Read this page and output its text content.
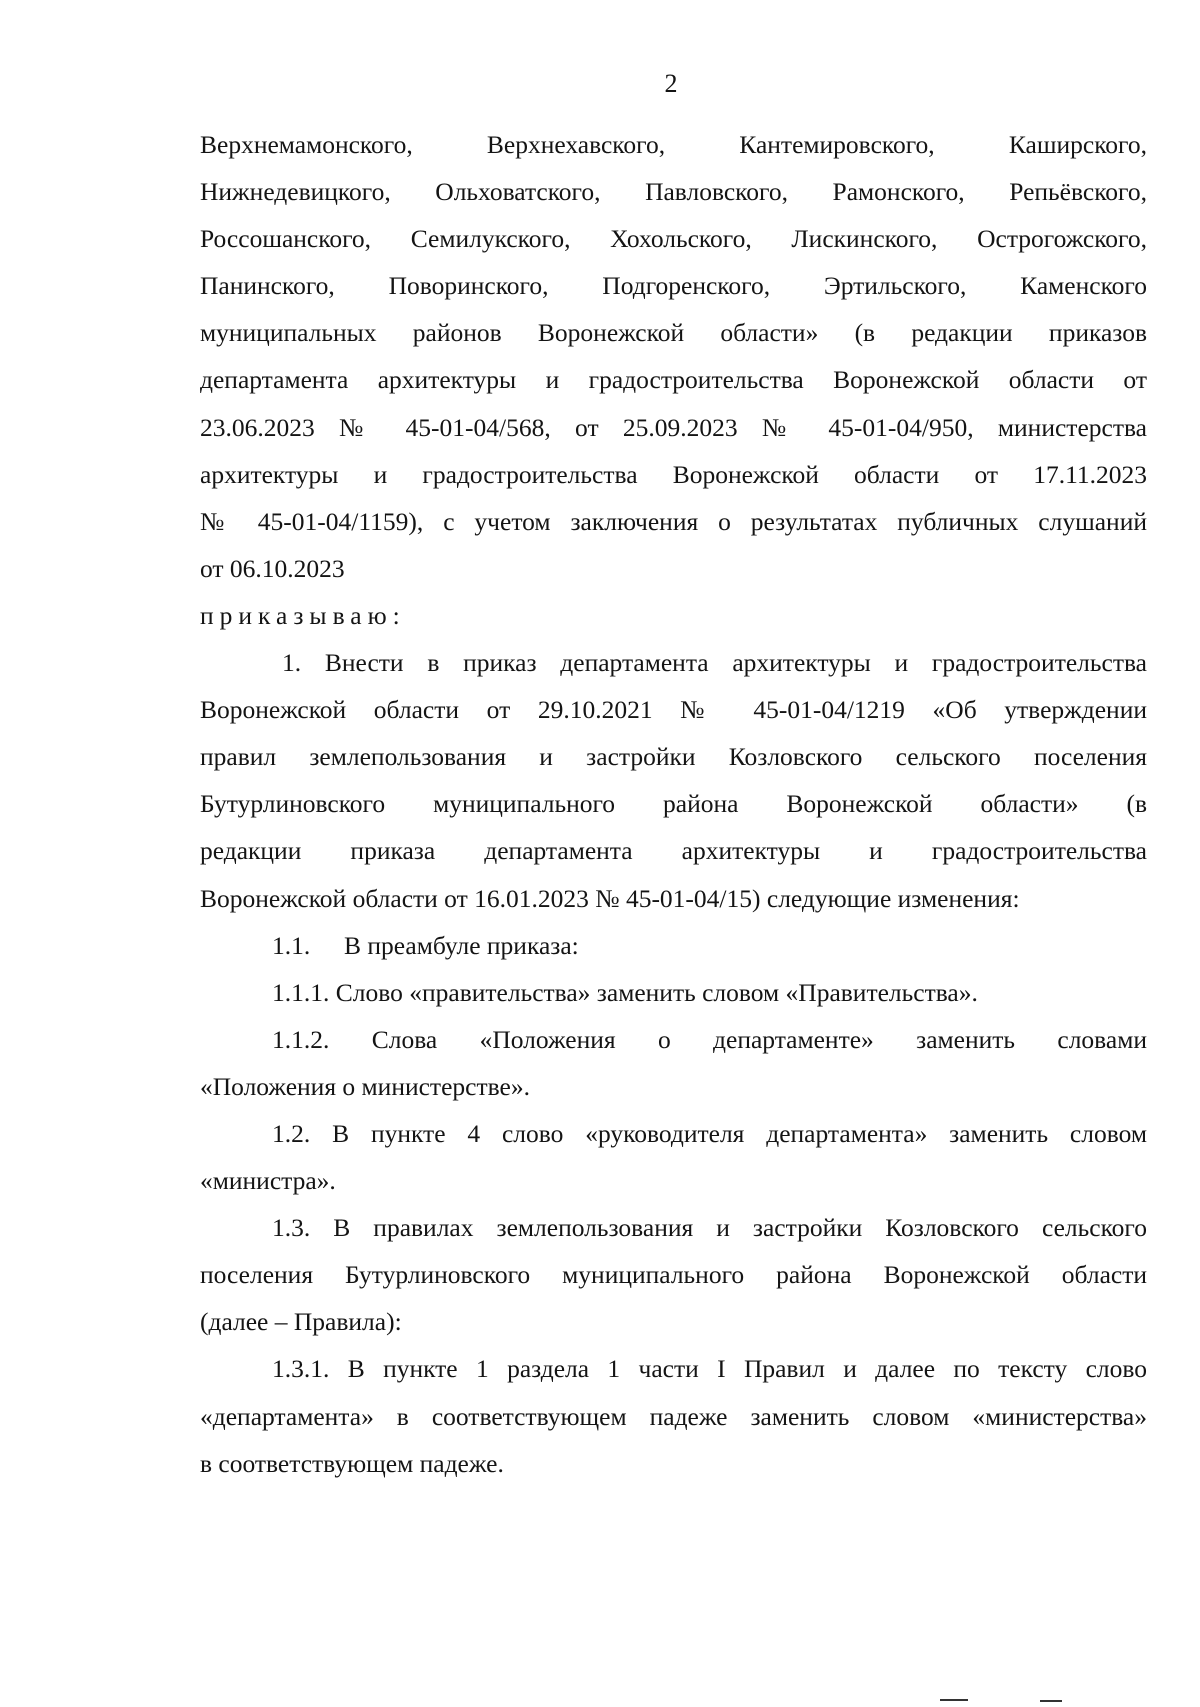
2

Верхнемамонского, Верхнехавского, Кантемировского, Каширского,

Нижнедевицкого, Ольховатского, Павловского, Рамонского, Репьёвского,

Россошанского, Семилукского, Хохольского, Лискинского, Острогожского,

Панинского, Поворинского, Подгоренского, Эртильского, Каменского

муниципальных районов Воронежской области» (в редакции приказов

департамента архитектуры и градостроительства Воронежской области от

23.06.2023 № 45-01-04/568, от 25.09.2023 № 45-01-04/950, министерства

архитектуры и градостроительства Воронежской области от 17.11.2023

№ 45-01-04/1159), с учетом заключения о результатах публичных слушаний

от 06.10.2023

приказываю:

1. Внести в приказ департамента архитектуры и градостроительства

Воронежской области от 29.10.2021 № 45-01-04/1219 «Об утверждении

правил землепользования и застройки Козловского сельского поселения

Бутурлиновского муниципального района Воронежской области» (в

редакции приказа департамента архитектуры и градостроительства

Воронежской области от 16.01.2023 № 45-01-04/15) следующие изменения:

1.1. В преамбуле приказа:

1.1.1. Слово «правительства» заменить словом «Правительства».

1.1.2. Слова «Положения о департаменте» заменить словами

«Положения о министерстве».

1.2. В пункте 4 слово «руководителя департамента» заменить словом

«министра».

1.3. В правилах землепользования и застройки Козловского сельского

поселения Бутурлиновского муниципального района Воронежской области

(далее – Правила):

1.3.1. В пункте 1 раздела 1 части I Правил и далее по тексту слово

«департамента» в соответствующем падеже заменить словом «министерства»

в соответствующем падеже.
